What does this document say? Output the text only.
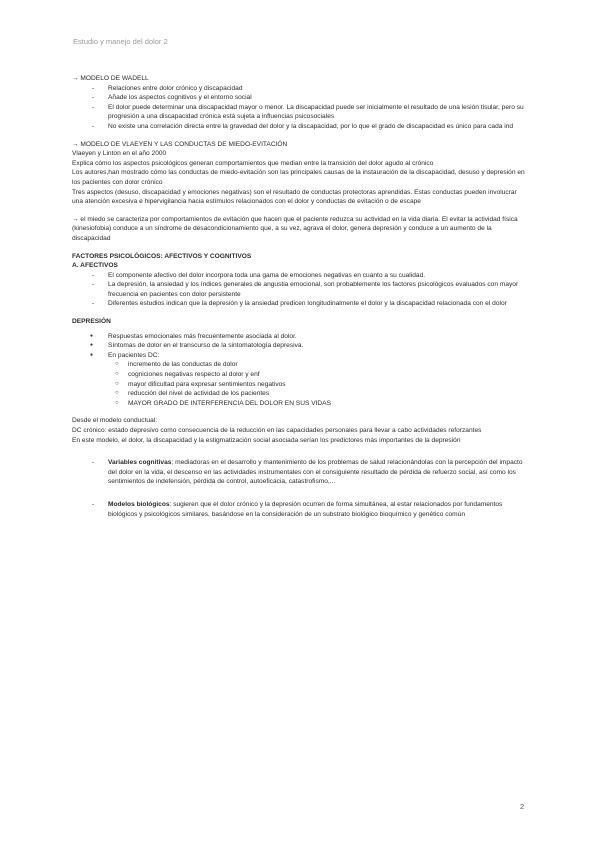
Estudio y manejo del dolor 2

→ MODELO DE WADELL

- Relaciones entre dolor crónico y discapacidad
- Añade los aspectos cognitivos y el entorno social
- El dolor puede determinar una discapacidad mayor o menor. La discapacidad puede ser inicialmente el resultado de una lesión tisular, pero su progresión a una discapacidad crónica está sujeta a influencias psicosociales
- No existe una correlación directa entre la gravedad del dolor y la discapacidad, por lo que el grado de discapacidad es único para cada ind

→ MODELO DE VLAEYEN Y LAS CONDUCTAS DE MIEDO-EVITACIÓN

Vlaeyen y Linton en el año 2000

Explica cómo los aspectos psicológicos generan comportamientos que median entre la transición del dolor agudo al crónico

Los autores,han mostrado cómo las conductas de miedo-evitación son las principales causas de la instauración de la discapacidad, desuso y depresión en los pacientes con dolor crónico

Tres aspectos (desuso, discapacidad y emociones negativas) son el resultado de conductas protectoras aprendidas. Estas conductas pueden involucrar una atención excesiva e hipervigilancia hacia estímulos relacionados con el dolor y conductas de evitación o de escape

→ el miedo se caracteriza por comportamientos de evitación que hacen que el paciente reduzca su actividad en la vida diaria. El evitar la actividad física (kinesiofobia) conduce a un síndrome de desacondicionamiento que, a su vez, agrava el dolor, genera depresión y conduce a un aumento de la discapacidad

FACTORES PSICOLÓGICOS: AFECTIVOS Y COGNITIVOS

A. AFECTIVOS

- El componente afectivo del dolor incorpora toda una gama de emociones negativas en cuanto a su cualidad.
- La depresión, la ansiedad y los índices generales de angustia emocional, son probablemente los factores psicológicos evaluados con mayor frecuencia en pacientes con dolor persistente
- Diferentes estudios indican que la depresión y la ansiedad predicen longitudinalmente el dolor y la discapacidad relacionada con el dolor

DEPRESIÓN

● Respuestas emocionales más frecuentemente asociada al dolor.
● Síntomas de dolor en el transcurso de la sintomatología depresiva.
● En pacientes DC:
○ incremento de las conductas de dolor
○ cogniciones negativas respecto al dolor y enf
○ mayor dificultad para expresar sentimientos negativos
○ reducción del nivel de actividad de los pacientes
○ MAYOR GRADO DE INTERFERENCIA DEL DOLOR EN SUS VIDAS

Desde el modelo conductual:

DC crónico: estado depresivo como consecuencia de la reducción en las capacidades personales para llevar a cabo actividades reforzantes

En este modelo, el dolor, la discapacidad y la estigmatización social asociada serían los predictores más importantes de la depresión

- Variables cognitivas; mediadoras en el desarrollo y mantenimiento de los problemas de salud relacionándolas con la percepción del impacto del dolor en la vida, el descenso en las actividades instrumentales con el consiguiente resultado de pérdida de refuerzo social, así como los sentimientos de indefensión, pérdida de control, autoeficacia, catastrofismo,...
- Modelos biológicos: sugieren que el dolor crónico y la depresión ocurren de forma simultánea, al estar relacionados por fundamentos biológicos y psicológicos similares, basándose en la consideración de un substrato biológico bioquímico y genético común
2
